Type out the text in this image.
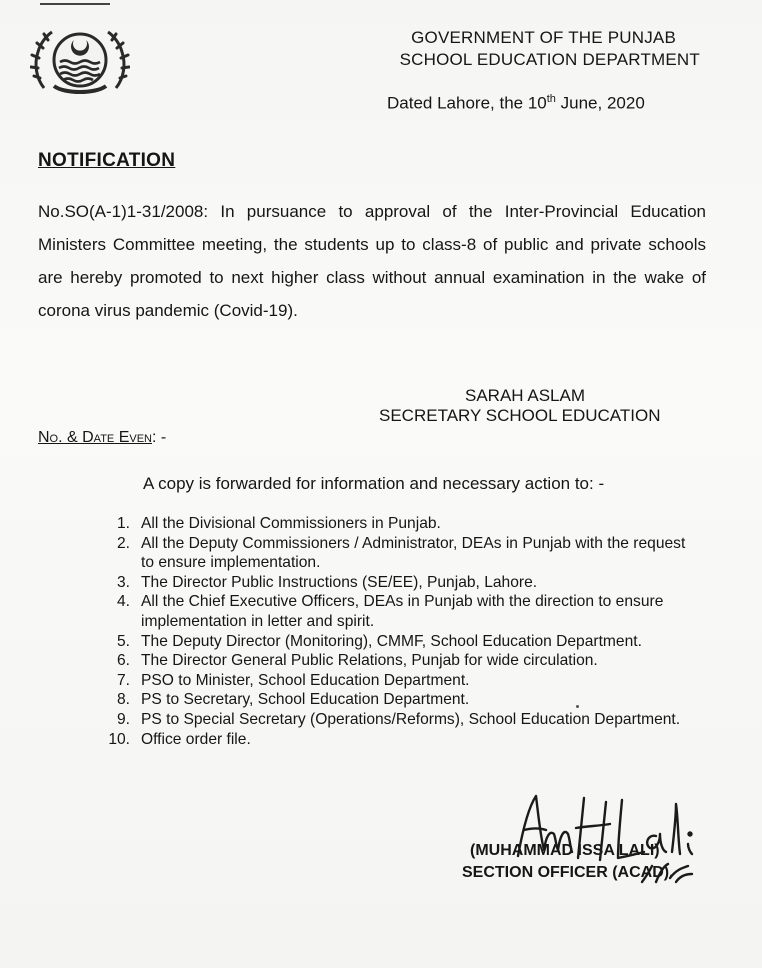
GOVERNMENT OF THE PUNJAB
SCHOOL EDUCATION DEPARTMENT
Dated Lahore, the 10th June, 2020
NOTIFICATION
No.SO(A-1)1-31/2008: In pursuance to approval of the Inter-Provincial Education Ministers Committee meeting, the students up to class-8 of public and private schools are hereby promoted to next higher class without annual examination in the wake of corona virus pandemic (Covid-19).
SARAH ASLAM
SECRETARY SCHOOL EDUCATION
No. & Date Even: -
A copy is forwarded for information and necessary action to: -
1. All the Divisional Commissioners in Punjab.
2. All the Deputy Commissioners / Administrator, DEAs in Punjab with the request to ensure implementation.
3. The Director Public Instructions (SE/EE), Punjab, Lahore.
4. All the Chief Executive Officers, DEAs in Punjab with the direction to ensure implementation in letter and spirit.
5. The Deputy Director (Monitoring), CMMF, School Education Department.
6. The Director General Public Relations, Punjab for wide circulation.
7. PSO to Minister, School Education Department.
8. PS to Secretary, School Education Department.
9. PS to Special Secretary (Operations/Reforms), School Education Department.
10. Office order file.
(MUHAMMAD ISSA LALI)
SECTION OFFICER (ACAD).
